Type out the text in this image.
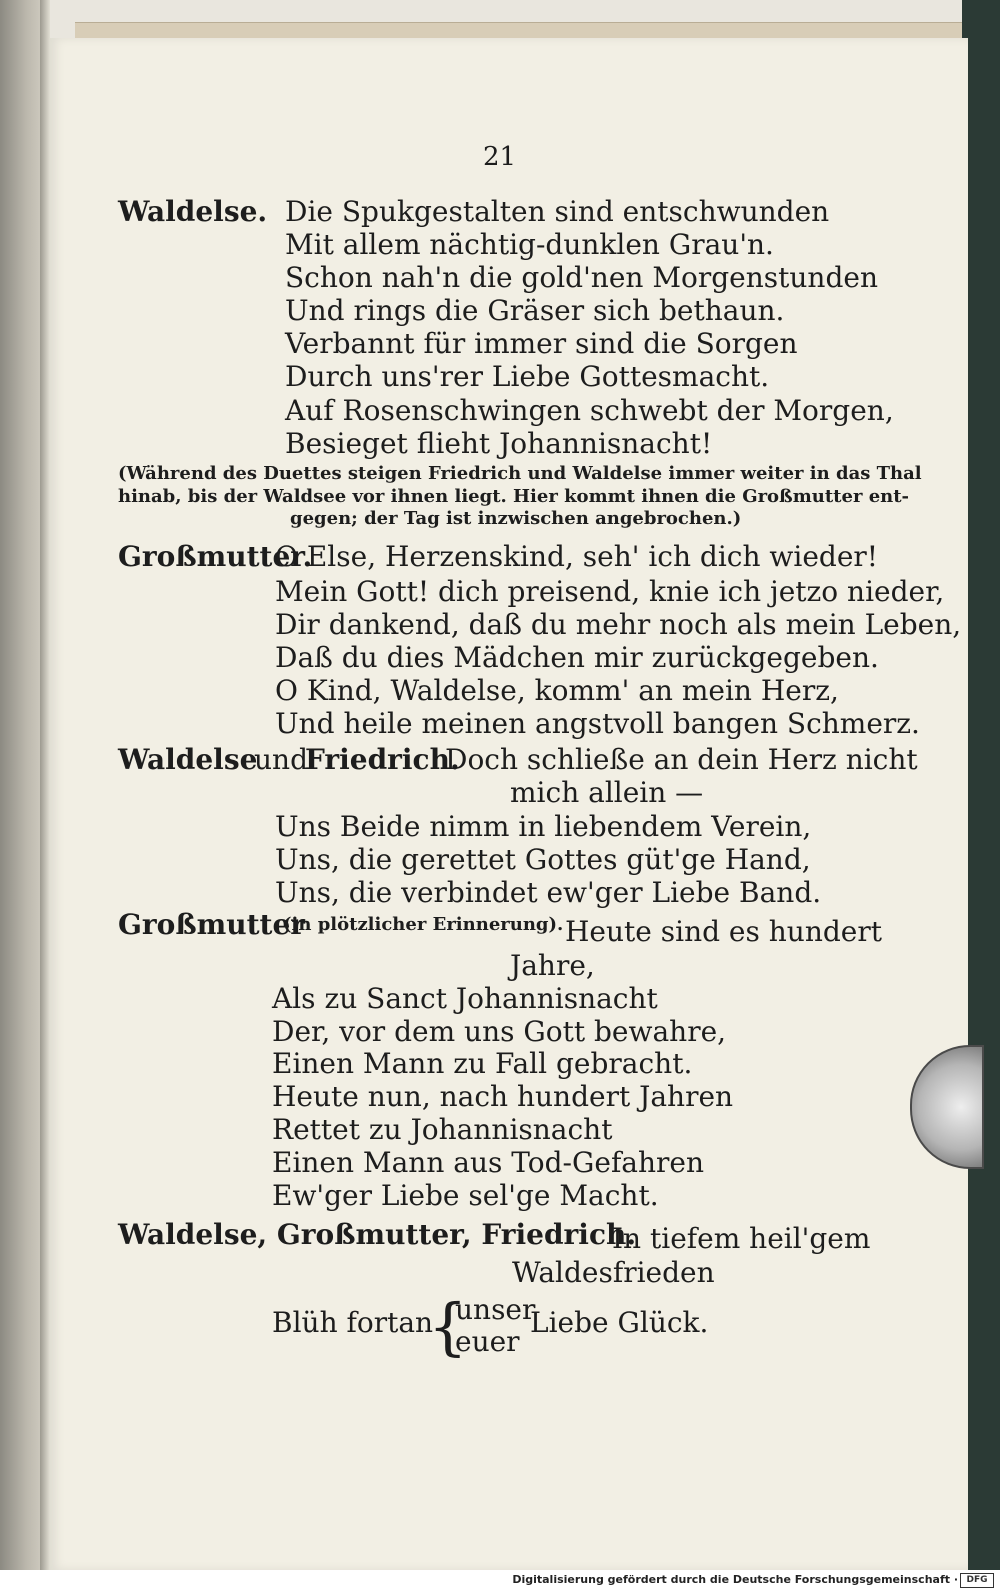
21
Waldelse. Die Spukgestalten sind entschwunden
Mit allem nächtig-dunklen Grau'n.
Schon nah'n die gold'nen Morgenstunden
Und rings die Gräser sich bethaun.
Verbannt für immer sind die Sorgen
Durch uns'rer Liebe Gottesmacht.
Auf Rosenschwingen schwebt der Morgen,
Besieget flieht Johannisnacht!
(Während des Duettes steigen Friedrich und Waldelse immer weiter in das Thal
hinab, bis der Waldsee vor ihnen liegt. Hier kommt ihnen die Großmutter ent-
gegen; der Tag ist inzwischen angebrochen.)
Großmutter.
O Else, Herzenskind, seh' ich dich wieder!
Mein Gott! dich preisend, knie ich jetzo nieder,
Dir dankend, daß du mehr noch als mein Leben,
Daß du dies Mädchen mir zurückgegeben.
O Kind, Waldelse, komm' an mein Herz,
Und heile meinen angstvoll bangen Schmerz.
Waldelse
und
Friedrich.
Doch schließe an dein Herz nicht
mich allein —
Uns Beide nimm in liebendem Verein,
Uns, die gerettet Gottes güt'ge Hand,
Uns, die verbindet ew'ger Liebe Band.
Großmutter
(in plötzlicher Erinnerung). Heute sind es hundert
Jahre,
Als zu Sanct Johannisnacht
Der, vor dem uns Gott bewahre,
Einen Mann zu Fall gebracht.
Heute nun, nach hundert Jahren
Rettet zu Johannisnacht
Einen Mann aus Tod-Gefahren
Ew'ger Liebe sel'ge Macht.
Waldelse, Großmutter, Friedrich.
In tiefem heil'gem
Waldesfrieden
Blüh fortan
{
unser
euer
Liebe Glück.
Digitalisierung gefördert durch die Deutsche Forschungsgemeinschaft · DFG
